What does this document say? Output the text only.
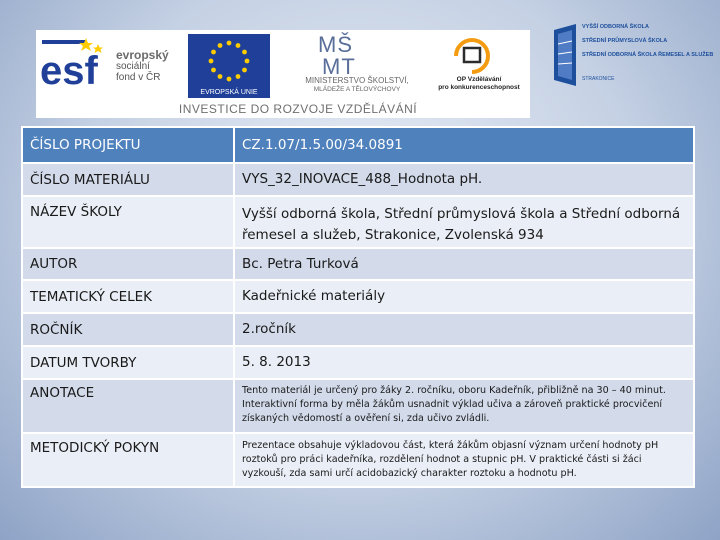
esf evropský
sociální
fond v ČR
EVROPSKÁ UNIE
MŠ
MT
MINISTERSTVO ŠKOLSTVÍ,
MLÁDEŽE A TĚLOVÝCHOVY
OP Vzdělávání
pro konkurenceschopnost
INVESTICE DO ROZVOJE VZDĚLÁVÁNÍ
VYŠŠÍ ODBORNÁ ŠKOLA
STŘEDNÍ PRŮMYSLOVÁ ŠKOLA
STŘEDNÍ ODBORNÁ ŠKOLA ŘEMESEL A SLUŽEB
STRAKONICE
ČÍSLO PROJEKTU	CZ.1.07/1.5.00/34.0891
ČÍSLO MATERIÁLU	VYS_32_INOVACE_488_Hodnota pH.
NÁZEV ŠKOLY	Vyšší odborná škola, Střední průmyslová škola a Střední odborná řemesel a služeb, Strakonice, Zvolenská 934
AUTOR	Bc. Petra Turková
TEMATICKÝ CELEK	Kadeřnické materiály
ROČNÍK	2.ročník
DATUM TVORBY	5. 8. 2013
ANOTACE	Tento materiál je určený pro žáky 2. ročníku, oboru Kadeřník, přibližně na 30 – 40 minut. Interaktivní forma by měla žákům usnadnit výklad učiva a zároveň praktické procvičení získaných vědomostí a ověření si, zda učivo zvládli.
METODICKÝ POKYN	Prezentace obsahuje výkladovou část, která žákům objasní význam určení hodnoty pH roztoků pro práci kadeřníka, rozdělení hodnot a stupnic pH. V praktické části si žáci vyzkouší, zda sami určí acidobazický charakter roztoku a hodnotu pH.
